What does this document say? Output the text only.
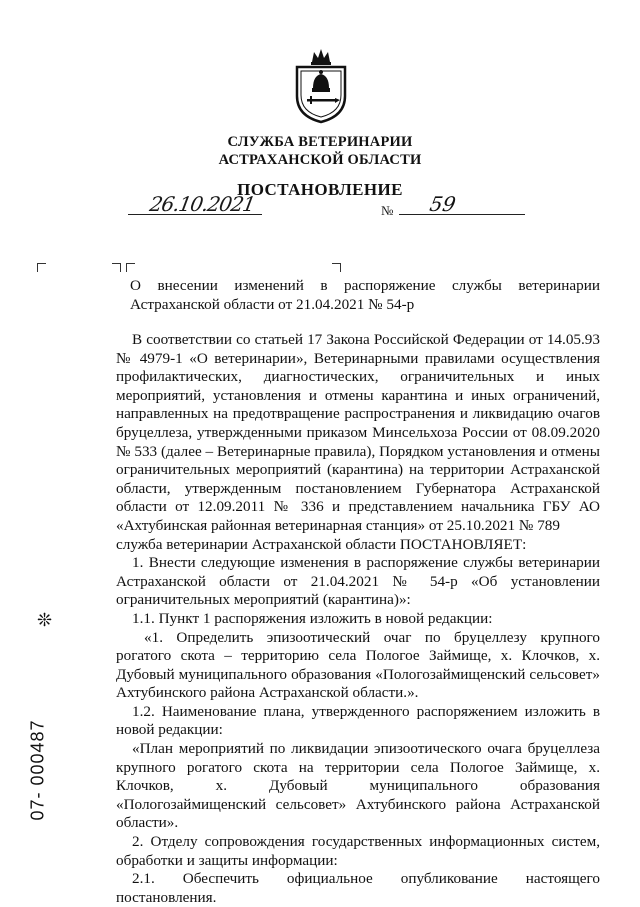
СЛУЖБА ВЕТЕРИНАРИИ
АСТРАХАНСКОЙ ОБЛАСТИ
ПОСТАНОВЛЕНИЕ
26.10.2021	№ 59
О внесении изменений в распоряжение службы ветеринарии Астраханской области от 21.04.2021 № 54-р

В соответствии со статьей 17 Закона Российской Федерации от 14.05.93 № 4979-1 «О ветеринарии», Ветеринарными правилами осуществления профилактических, диагностических, ограничительных и иных мероприятий, установления и отмены карантина и иных ограничений, направленных на предотвращение распространения и ликвидацию очагов бруцеллеза, утвержденными приказом Минсельхоза России от 08.09.2020 № 533 (далее – Ветеринарные правила), Порядком установления и отмены ограничительных мероприятий (карантина) на территории Астраханской области, утвержденным постановлением Губернатора Астраханской области от 12.09.2011 № 336 и представлением начальника ГБУ АО «Ахтубинская районная ветеринарная станция» от 25.10.2021 № 789

служба ветеринарии Астраханской области ПОСТАНОВЛЯЕТ:

1. Внести следующие изменения в распоряжение службы ветеринарии Астраханской области от 21.04.2021 № 54-р «Об установлении ограничительных мероприятий (карантина)»:

1.1. Пункт 1 распоряжения изложить в новой редакции:

«1. Определить эпизоотический очаг по бруцеллезу крупного рогатого скота – территорию села Пологое Займище, х. Клочков, х. Дубовый муниципального образования «Пологозаймищенский сельсовет» Ахтубинского района Астраханской области.».

1.2. Наименование плана, утвержденного распоряжением изложить в новой редакции:

«План мероприятий по ликвидации эпизоотического очага бруцеллеза крупного рогатого скота на территории села Пологое Займище, х. Клочков, х. Дубовый муниципального образования «Пологозаймищенский сельсовет» Ахтубинского района Астраханской области».

2. Отделу сопровождения государственных информационных систем, обработки и защиты информации:

2.1. Обеспечить официальное опубликование настоящего постановления.

❊
07- 000487
